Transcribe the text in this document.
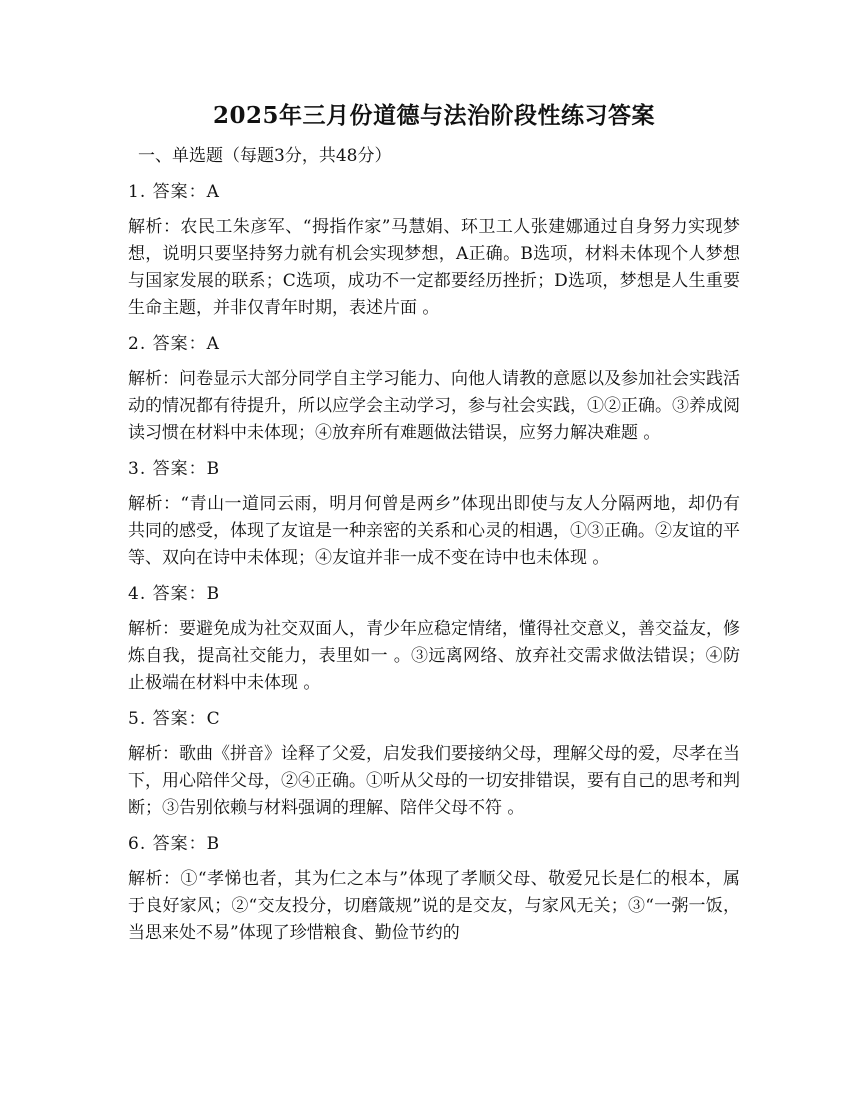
2025年三月份道德与法治阶段性练习答案
一、单选题（每题3分，共48分）
1. 答案：A
解析：农民工朱彦军、“拇指作家”马慧娟、环卫工人张建娜通过自身努力实现梦想，说明只要坚持努力就有机会实现梦想，A正确。B选项，材料未体现个人梦想与国家发展的联系；C选项，成功不一定都要经历挫折；D选项，梦想是人生重要生命主题，并非仅青年时期，表述片面 。
2. 答案：A
解析：问卷显示大部分同学自主学习能力、向他人请教的意愿以及参加社会实践活动的情况都有待提升，所以应学会主动学习，参与社会实践，①②正确。③养成阅读习惯在材料中未体现；④放弃所有难题做法错误，应努力解决难题 。
3. 答案：B
解析：“青山一道同云雨，明月何曾是两乡”体现出即使与友人分隔两地，却仍有共同的感受，体现了友谊是一种亲密的关系和心灵的相遇，①③正确。②友谊的平等、双向在诗中未体现；④友谊并非一成不变在诗中也未体现 。
4. 答案：B
解析：要避免成为社交双面人，青少年应稳定情绪，懂得社交意义，善交益友，修炼自我，提高社交能力，表里如一 。③远离网络、放弃社交需求做法错误；④防止极端在材料中未体现 。
5. 答案：C
解析：歌曲《拼音》诠释了父爱，启发我们要接纳父母，理解父母的爱，尽孝在当下，用心陪伴父母，②④正确。①听从父母的一切安排错误，要有自己的思考和判断；③告别依赖与材料强调的理解、陪伴父母不符 。
6. 答案：B
解析：①“孝悌也者，其为仁之本与”体现了孝顺父母、敬爱兄长是仁的根本，属于良好家风；②“交友投分，切磨箴规”说的是交友，与家风无关；③“一粥一饭，当思来处不易”体现了珍惜粮食、勤俭节约的
